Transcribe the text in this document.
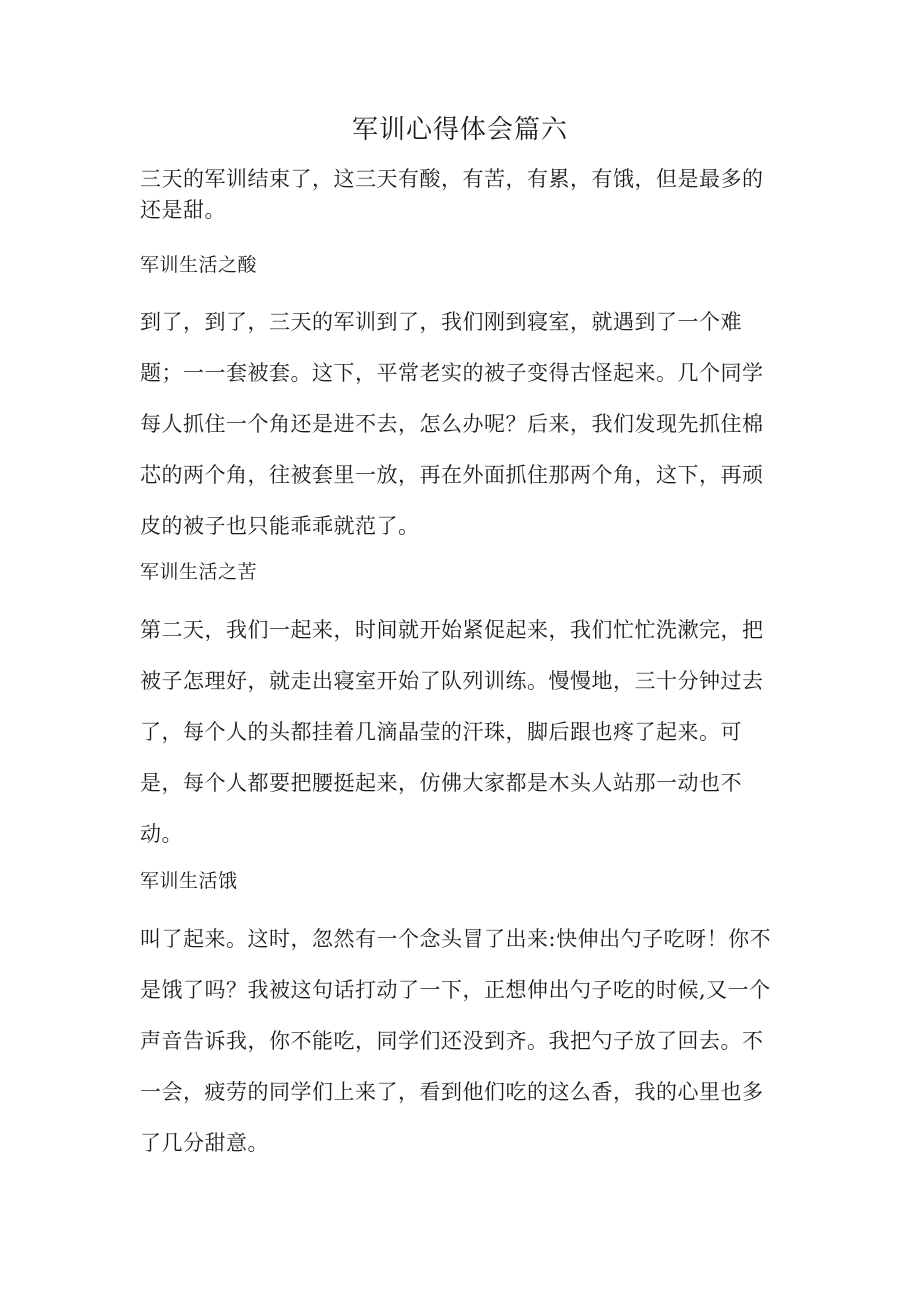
军训心得体会篇六

三天的军训结束了，这三天有酸，有苦，有累，有饿，但是最多的还是甜。

军训生活之酸

到了，到了，三天的军训到了，我们刚到寝室，就遇到了一个难题；一一套被套。这下，平常老实的被子变得古怪起来。几个同学每人抓住一个角还是进不去，怎么办呢？后来，我们发现先抓住棉芯的两个角，往被套里一放，再在外面抓住那两个角，这下，再顽皮的被子也只能乖乖就范了。

军训生活之苦

第二天，我们一起来，时间就开始紧促起来，我们忙忙洗漱完，把被子怎理好，就走出寝室开始了队列训练。慢慢地，三十分钟过去了，每个人的头都挂着几滴晶莹的汗珠，脚后跟也疼了起来。可是，每个人都要把腰挺起来，仿佛大家都是木头人站那一动也不动。

军训生活饿

叫了起来。这时，忽然有一个念头冒了出来:快伸出勺子吃呀！你不是饿了吗？我被这句话打动了一下，正想伸出勺子吃的时候,又一个声音告诉我，你不能吃，同学们还没到齐。我把勺子放了回去。不一会，疲劳的同学们上来了，看到他们吃的这么香，我的心里也多了几分甜意。
